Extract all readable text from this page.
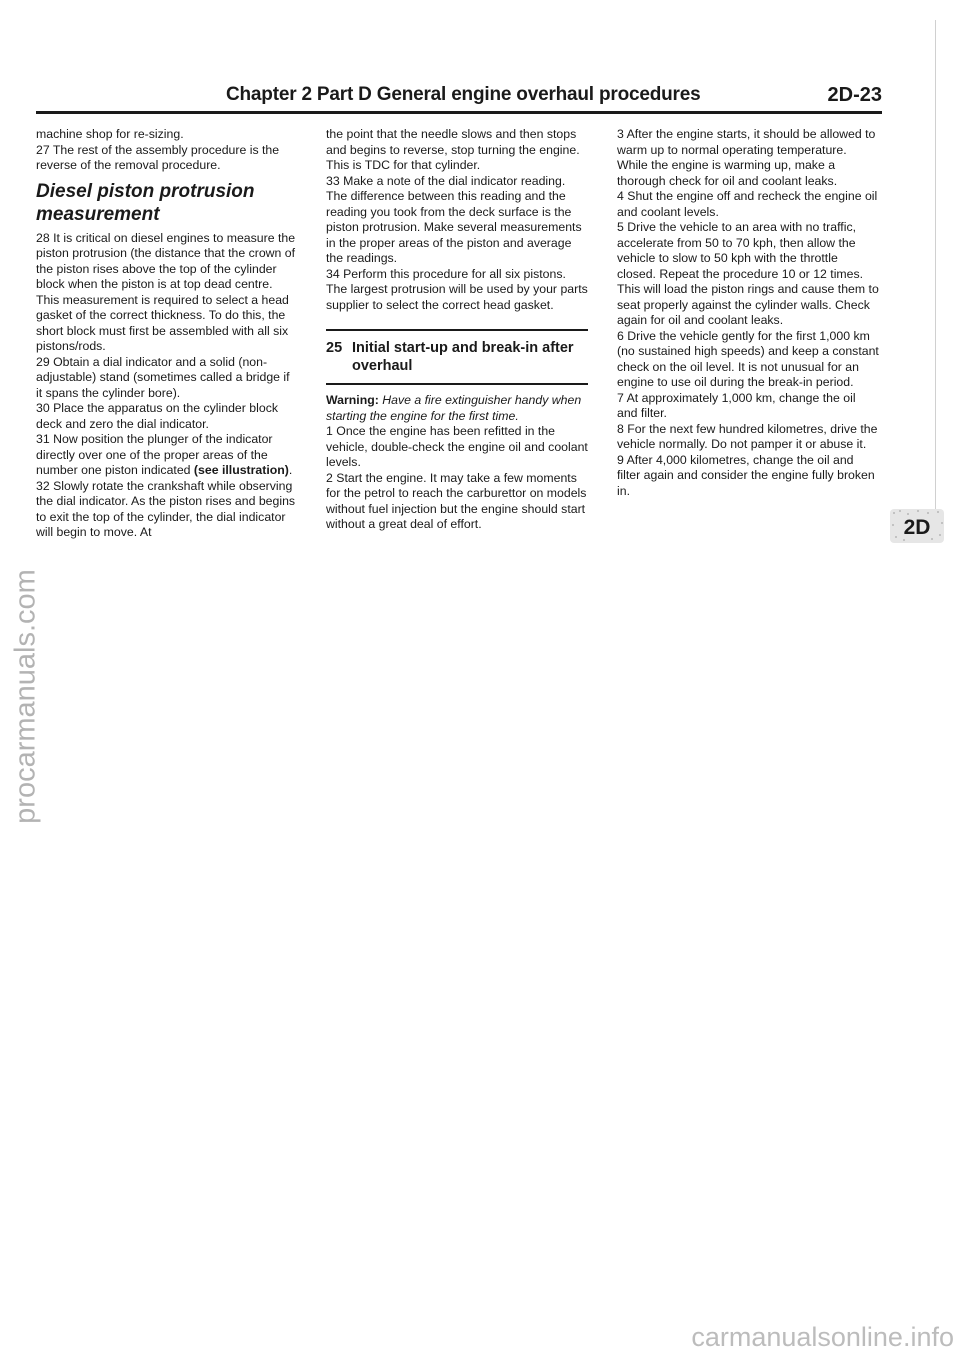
Chapter 2 Part D General engine overhaul procedures	2D-23

machine shop for re-sizing.

27 The rest of the assembly procedure is the reverse of the removal procedure.

Diesel piston protrusion measurement

28 It is critical on diesel engines to measure the piston protrusion (the distance that the crown of the piston rises above the top of the cylinder block when the piston is at top dead centre. This measurement is required to select a head gasket of the correct thickness. To do this, the short block must first be assembled with all six pistons/rods.

29 Obtain a dial indicator and a solid (non-adjustable) stand (sometimes called a bridge if it spans the cylinder bore).

30 Place the apparatus on the cylinder block deck and zero the dial indicator.

31 Now position the plunger of the indicator directly over one of the proper areas of the number one piston indicated (see illustration).

32 Slowly rotate the crankshaft while observing the dial indicator. As the piston rises and begins to exit the top of the cylinder, the dial indicator will begin to move. At

the point that the needle slows and then stops and begins to reverse, stop turning the engine. This is TDC for that cylinder.

33 Make a note of the dial indicator reading. The difference between this reading and the reading you took from the deck surface is the piston protrusion. Make several measurements in the proper areas of the piston and average the readings.

34 Perform this procedure for all six pistons. The largest protrusion will be used by your parts supplier to select the correct head gasket.

25 Initial start-up and break-in after overhaul

Warning: Have a fire extinguisher handy when starting the engine for the first time.

1 Once the engine has been refitted in the vehicle, double-check the engine oil and coolant levels.

2 Start the engine. It may take a few moments for the petrol to reach the carburettor on models without fuel injection but the engine should start without a great deal of effort.

3 After the engine starts, it should be allowed to warm up to normal operating temperature. While the engine is warming up, make a thorough check for oil and coolant leaks.

4 Shut the engine off and recheck the engine oil and coolant levels.

5 Drive the vehicle to an area with no traffic, accelerate from 50 to 70 kph, then allow the vehicle to slow to 50 kph with the throttle closed. Repeat the procedure 10 or 12 times. This will load the piston rings and cause them to seat properly against the cylinder walls. Check again for oil and coolant leaks.

6 Drive the vehicle gently for the first 1,000 km (no sustained high speeds) and keep a constant check on the oil level. It is not unusual for an engine to use oil during the break-in period.

7 At approximately 1,000 km, change the oil and filter.

8 For the next few hundred kilometres, drive the vehicle normally. Do not pamper it or abuse it.

9 After 4,000 kilometres, change the oil and filter again and consider the engine fully broken in.

2D
procarmanuals.com
carmanualsonline.info
